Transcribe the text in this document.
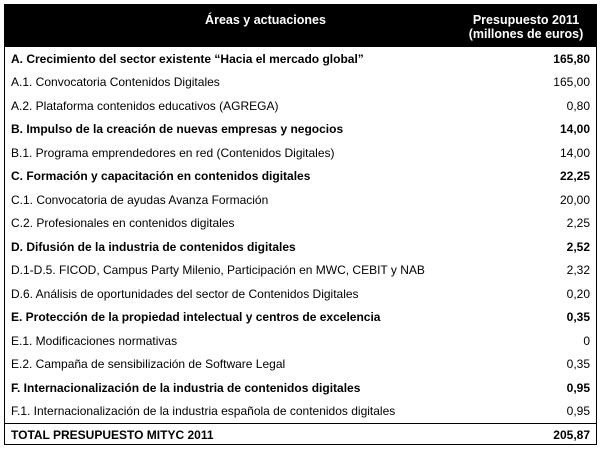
Áreas y actuaciones	Presupuesto 2011
(millones de euros)
A. Crecimiento del sector existente “Hacia el mercado global”	165,80
A.1. Convocatoria Contenidos Digitales	165,00
A.2. Plataforma contenidos educativos (AGREGA)	0,80
B. Impulso de la creación de nuevas empresas y negocios	14,00
B.1. Programa emprendedores en red (Contenidos Digitales)	14,00
C. Formación y capacitación en contenidos digitales	22,25
C.1. Convocatoria de ayudas Avanza Formación	20,00
C.2. Profesionales en contenidos digitales	2,25
D. Difusión de la industria de contenidos digitales	2,52
D.1-D.5. FICOD, Campus Party Milenio, Participación en MWC, CEBIT y NAB	2,32
D.6. Análisis de oportunidades del sector de Contenidos Digitales	0,20
E. Protección de la propiedad intelectual y centros de excelencia	0,35
E.1. Modificaciones normativas	0
E.2. Campaña de sensibilización de Software Legal	0,35
F. Internacionalización de la industria de contenidos digitales	0,95
F.1. Internacionalización de la industria española de contenidos digitales	0,95
TOTAL PRESUPUESTO MITYC 2011	205,87
